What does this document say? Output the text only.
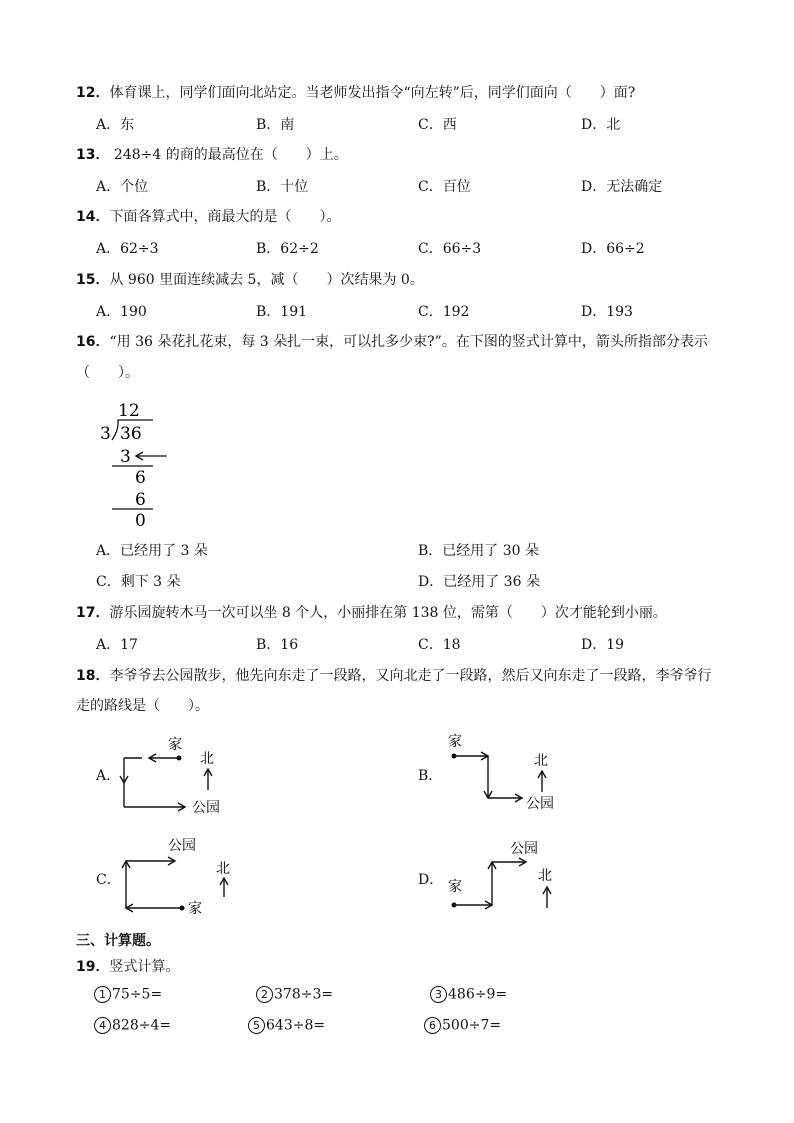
12．体育课上，同学们面向北站定。当老师发出指令“向左转”后，同学们面向（　　）面?
A．东	B．南	C．西	D．北
13． 248÷4 的商的最高位在（　　）上。
A．个位	B．十位	C．百位	D．无法确定
14．下面各算式中，商最大的是（　　）。
A．62÷3	B．62÷2	C．66÷3	D．66÷2
15．从 960 里面连续减去 5，减（　　）次结果为 0。
A．190	B．191	C．192	D．193
16．“用 36 朵花扎花束，每 3 朵扎一束，可以扎多少束?”。在下图的竖式计算中，箭头所指部分表示
（　　）。
12
3 36
3
6
6
0
A．已经用了 3 朵	B．已经用了 30 朵
C．剩下 3 朵	D．已经用了 36 朵
17．游乐园旋转木马一次可以坐 8 个人，小丽排在第 138 位，需第（　　）次才能轮到小丽。
A．17	B．16	C．18	D．19
18．李爷爷去公园散步，他先向东走了一段路，又向北走了一段路，然后又向东走了一段路，李爷爷行
走的路线是（　　）。
A．
家
公园
北
B．
家
公园
北
C．
公园
家
北
D．
公园
家
北
三、计算题。
19．竖式计算。
1 75÷5=	2 378÷3=	3 486÷9=
4 828÷4=	5 643÷8=	6 500÷7=
